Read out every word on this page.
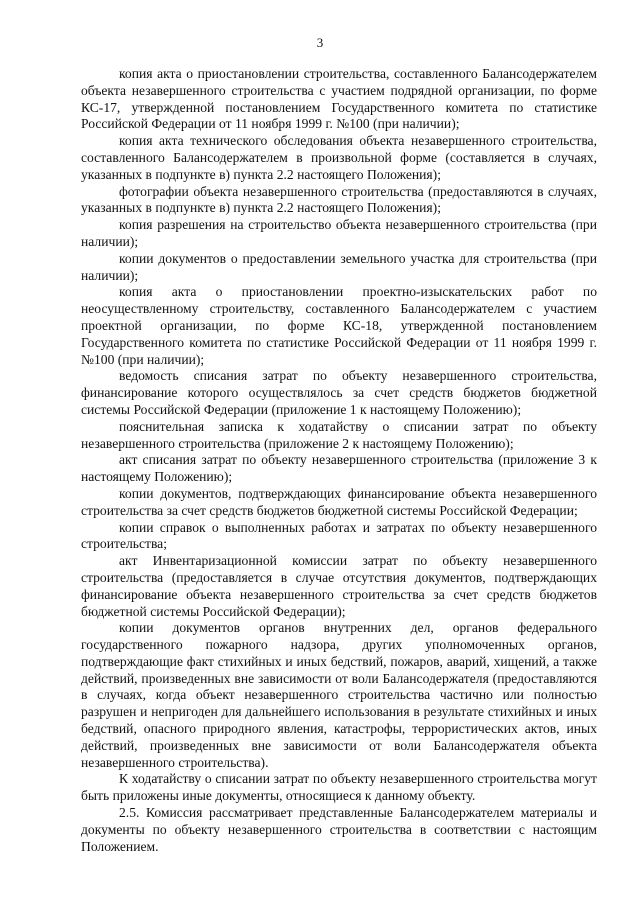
3

копия акта о приостановлении строительства, составленного Балансодержателем объекта незавершенного строительства с участием подрядной организации, по форме КС-17, утвержденной постановлением Государственного комитета по статистике Российской Федерации от 11 ноября 1999 г. №100 (при наличии);

копия акта технического обследования объекта незавершенного строительства, составленного Балансодержателем в произвольной форме (составляется в случаях, указанных в подпункте в) пункта 2.2 настоящего Положения);

фотографии объекта незавершенного строительства (предоставляются в случаях, указанных в подпункте в) пункта 2.2 настоящего Положения);

копия разрешения на строительство объекта незавершенного строительства (при наличии);

копии документов о предоставлении земельного участка для строительства (при наличии);

копия акта о приостановлении проектно-изыскательских работ по неосуществленному строительству, составленного Балансодержателем с участием проектной организации, по форме КС-18, утвержденной постановлением Государственного комитета по статистике Российской Федерации от 11 ноября 1999 г. №100 (при наличии);

ведомость списания затрат по объекту незавершенного строительства, финансирование которого осуществлялось за счет средств бюджетов бюджетной системы Российской Федерации (приложение 1 к настоящему Положению);

пояснительная записка к ходатайству о списании затрат по объекту незавершенного строительства (приложение 2 к настоящему Положению);

акт списания затрат по объекту незавершенного строительства (приложение 3 к настоящему Положению);

копии документов, подтверждающих финансирование объекта незавершенного строительства за счет средств бюджетов бюджетной системы Российской Федерации;

копии справок о выполненных работах и затратах по объекту незавершенного строительства;

акт Инвентаризационной комиссии затрат по объекту незавершенного строительства (предоставляется в случае отсутствия документов, подтверждающих финансирование объекта незавершенного строительства за счет средств бюджетов бюджетной системы Российской Федерации);

копии документов органов внутренних дел, органов федерального государственного пожарного надзора, других уполномоченных органов, подтверждающие факт стихийных и иных бедствий, пожаров, аварий, хищений, а также действий, произведенных вне зависимости от воли Балансодержателя (предоставляются в случаях, когда объект незавершенного строительства частично или полностью разрушен и непригоден для дальнейшего использования в результате стихийных и иных бедствий, опасного природного явления, катастрофы, террористических актов, иных действий, произведенных вне зависимости от воли Балансодержателя объекта незавершенного строительства).

К ходатайству о списании затрат по объекту незавершенного строительства могут быть приложены иные документы, относящиеся к данному объекту.

2.5. Комиссия рассматривает представленные Балансодержателем материалы и документы по объекту незавершенного строительства в соответствии с настоящим Положением.
